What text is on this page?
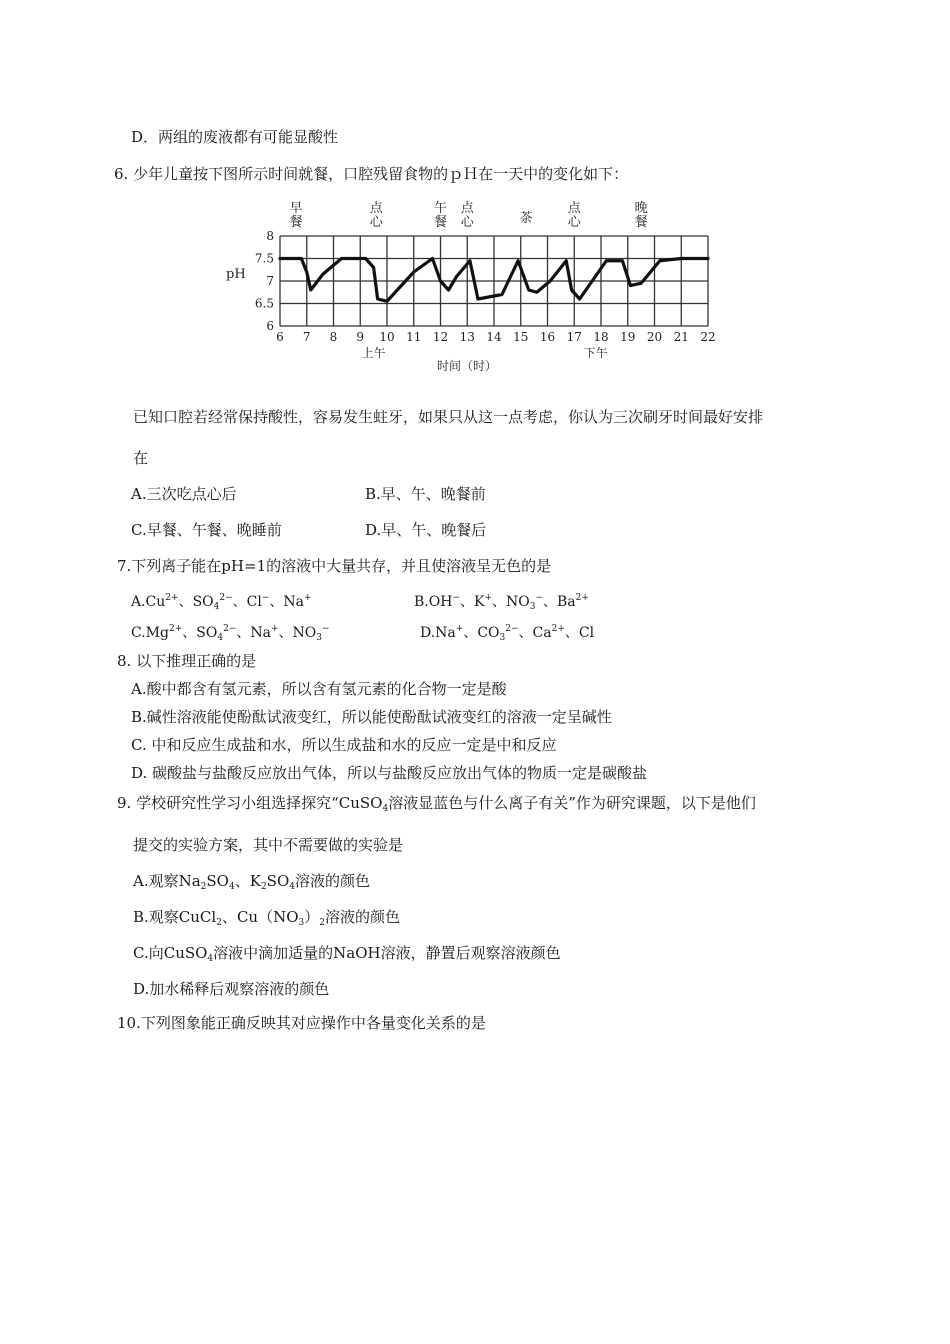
D．两组的废液都有可能显酸性
6. 少年儿童按下图所示时间就餐，口腔残留食物的ｐＨ在一天中的变化如下：
8
7.5
7
6.5
6
6 7 8 9 10 11 12 13 14 15 16 17 18 19 20 21 22
早
餐
点
心
午
餐
点
心	茶
点
心
晚
餐
上午	下午
pH
时间（时）
已知口腔若经常保持酸性，容易发生蛀牙，如果只从这一点考虑，你认为三次刷牙时间最好安排
在
A.三次吃点心后	B.早、午、晚餐前
C.早餐、午餐、晚睡前	D.早、午、晚餐后
7.下列离子能在pH=1的溶液中大量共存，并且使溶液呈无色的是
$A.Cu^{2+}$、$SO_4^{2-}$、Cl−、Na+	B.OH−、K+、$NO_3^-$、$Ba^{2+}$
$C.Mg^{2+}$、$SO_4^{2-}$、Na+、$NO_3^-$	D.Na+、$CO_3^{2-}$、$Ca^{2+}$、Cl
8. 以下推理正确的是
A.酸中都含有氢元素，所以含有氢元素的化合物一定是酸
B.碱性溶液能使酚酞试液变红，所以能使酚酞试液变红的溶液一定呈碱性
C. 中和反应生成盐和水，所以生成盐和水的反应一定是中和反应
D. 碳酸盐与盐酸反应放出气体，所以与盐酸反应放出气体的物质一定是碳酸盐
9. 学校研究性学习小组选择探究“CuSO$_4$溶液显蓝色与什么离子有关”作为研究课题，以下是他们
提交的实验方案，其中不需要做的实验是
A.观察$Na_2SO_4$、$K_2SO_4$溶液的颜色
B.观察CuCl$_2$、$Cu(NO_3)_2$溶液的颜色
C.向CuSO$_4$溶液中滴加适量的NaOH溶液，静置后观察溶液颜色
D.加水稀释后观察溶液的颜色
10.下列图象能正确反映其对应操作中各量变化关系的是
